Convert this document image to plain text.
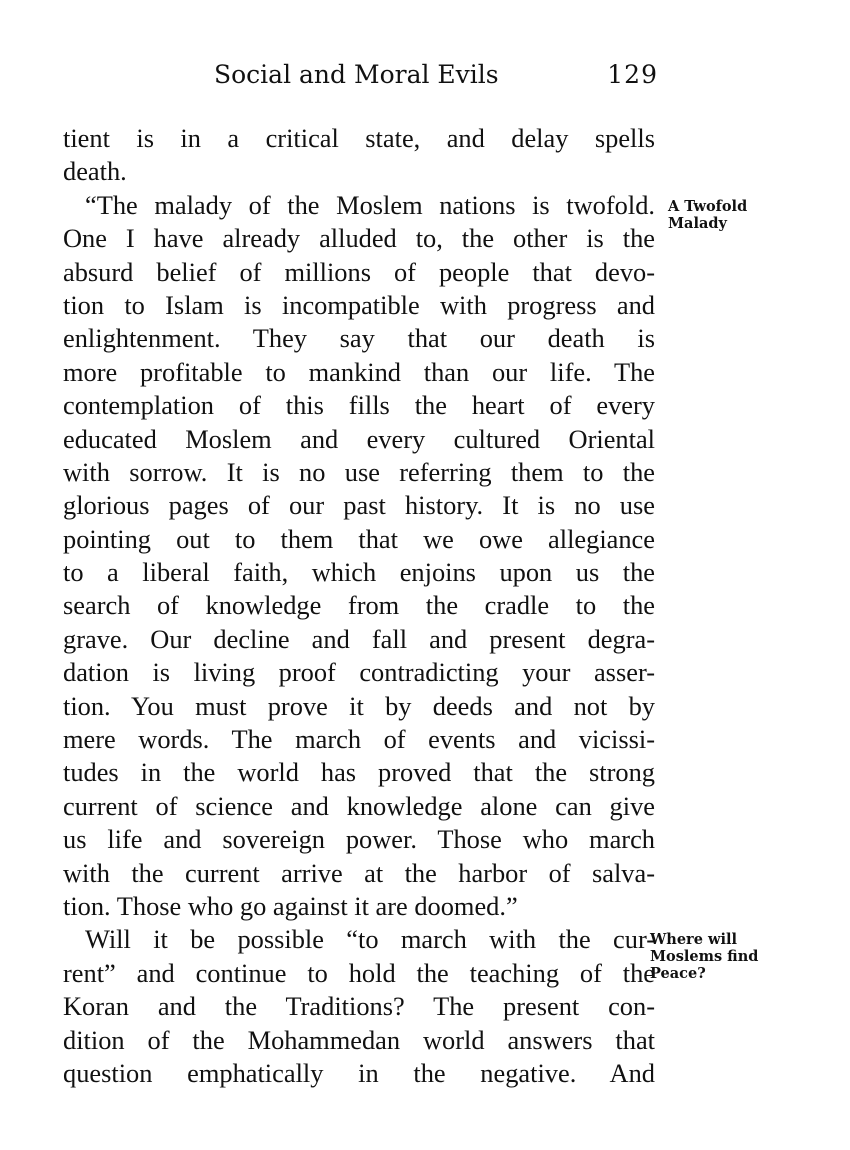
Social and Moral Evils	129
tient is in a critical state, and delay spells
death.
“The malady of the Moslem nations is twofold.
One I have already alluded to, the other is the
absurd belief of millions of people that devo-
tion to Islam is incompatible with progress and
enlightenment. They say that our death is
more profitable to mankind than our life. The
contemplation of this fills the heart of every
educated Moslem and every cultured Oriental
with sorrow. It is no use referring them to the
glorious pages of our past history. It is no use
pointing out to them that we owe allegiance
to a liberal faith, which enjoins upon us the
search of knowledge from the cradle to the
grave. Our decline and fall and present degra-
dation is living proof contradicting your asser-
tion. You must prove it by deeds and not by
mere words. The march of events and vicissi-
tudes in the world has proved that the strong
current of science and knowledge alone can give
us life and sovereign power. Those who march
with the current arrive at the harbor of salva-
tion. Those who go against it are doomed.”
Will it be possible “to march with the cur-
rent” and continue to hold the teaching of the
Koran and the Traditions? The present con-
dition of the Mohammedan world answers that
question emphatically in the negative. And
A Twofold
Malady
Where will
Moslems find
Peace?
